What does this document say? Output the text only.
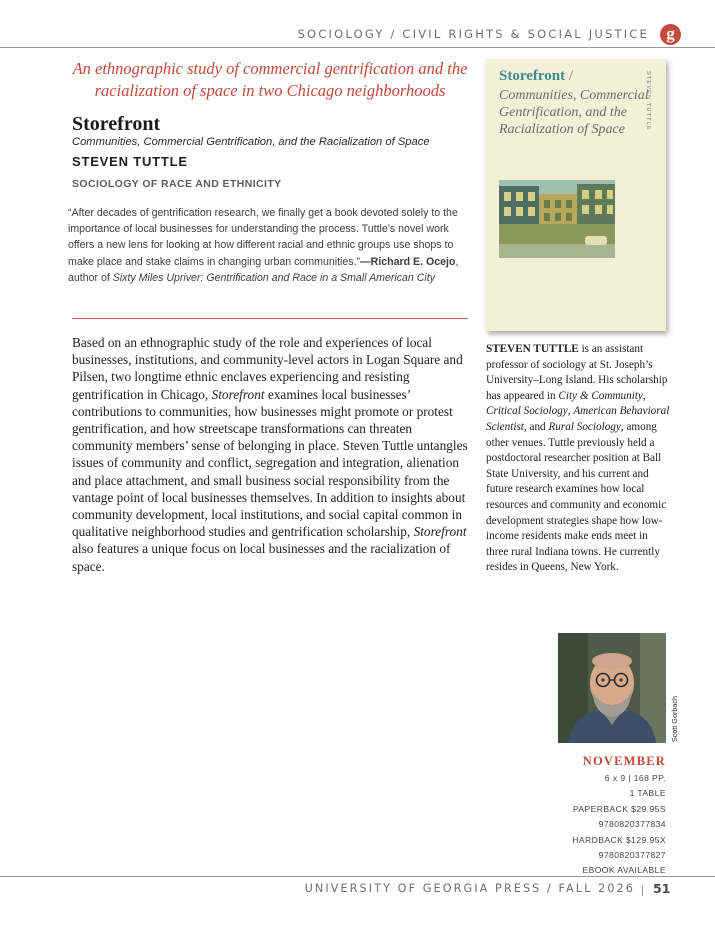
SOCIOLOGY / CIVIL RIGHTS & SOCIAL JUSTICE	g
An ethnographic study of commercial gentrification and the racialization of space in two Chicago neighborhoods
Storefront
Communities, Commercial Gentrification, and the Racialization of Space
STEVEN TUTTLE
SOCIOLOGY OF RACE AND ETHNICITY
“After decades of gentrification research, we finally get a book devoted solely to the importance of local businesses for understanding the process. Tuttle’s novel work offers a new lens for looking at how different racial and ethnic groups use shops to make place and stake claims in changing urban communities.”—Richard E. Ocejo, author of Sixty Miles Upriver: Gentrification and Race in a Small American City
Based on an ethnographic study of the role and experiences of local businesses, institutions, and community-level actors in Logan Square and Pilsen, two longtime ethnic enclaves experiencing and resisting gentrification in Chicago, Storefront examines local businesses’ contributions to communities, how businesses might promote or protest gentrification, and how streetscape transformations can threaten community members’ sense of belonging in place. Steven Tuttle untangles issues of community and conflict, segregation and integration, alienation and place attachment, and small business social responsibility from the vantage point of local businesses themselves. In addition to insights about community development, local institutions, and social capital common in qualitative neighborhood studies and gentrification scholarship, Storefront also features a unique focus on local businesses and the racialization of space.
Storefront /
Communities, Commercial Gentrification, and the Racialization of Space	STEVEN TUTTLE
STEVEN TUTTLE is an assistant professor of sociology at St. Joseph’s University–Long Island. His scholarship has appeared in City & Community, Critical Sociology, American Behavioral Scientist, and Rural Sociology, among other venues. Tuttle previously held a postdoctoral researcher position at Ball State University, and his current and future research examines how local resources and community and economic development strategies shape how low-income residents make ends meet in three rural Indiana towns. He currently resides in Queens, New York.
Scott Gorbach
NOVEMBER
6 x 9 | 168 PP.
1 TABLE
PAPERBACK $29.95S
9780820377834
HARDBACK $129.95X
9780820377827
EBOOK AVAILABLE
UNIVERSITY OF GEORGIA PRESS / FALL 2026 51
